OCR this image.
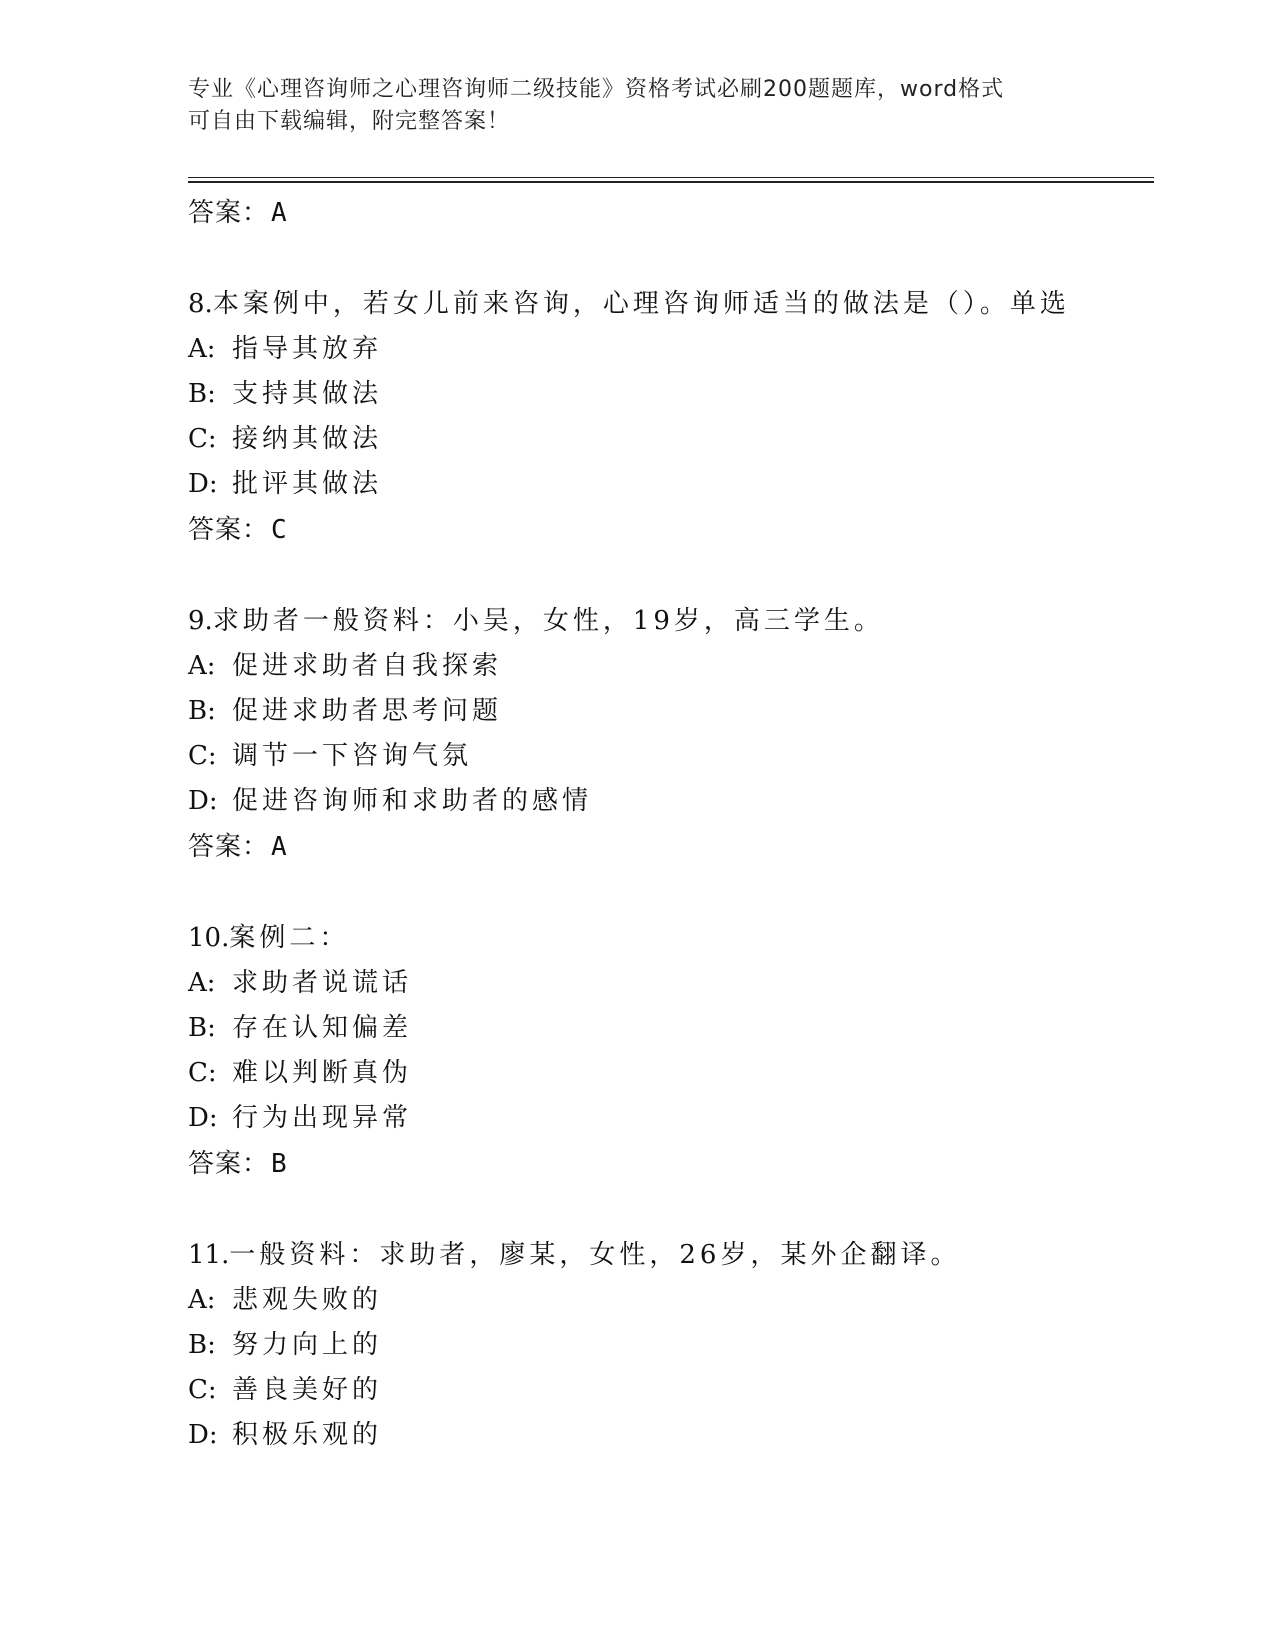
专业《心理咨询师之心理咨询师二级技能》资格考试必刷200题题库，word格式
可自由下载编辑，附完整答案！
答案：A
8.本案例中，若女儿前来咨询，心理咨询师适当的做法是（）。单选
A: 指导其放弃
B: 支持其做法
C: 接纳其做法
D: 批评其做法
答案：C
9.求助者一般资料：小吴，女性，19岁，高三学生。
A: 促进求助者自我探索
B: 促进求助者思考问题
C: 调节一下咨询气氛
D: 促进咨询师和求助者的感情
答案：A
10.案例二：
A: 求助者说谎话
B: 存在认知偏差
C: 难以判断真伪
D: 行为出现异常
答案：B
11.一般资料：求助者，廖某，女性，26岁，某外企翻译。
A: 悲观失败的
B: 努力向上的
C: 善良美好的
D: 积极乐观的
